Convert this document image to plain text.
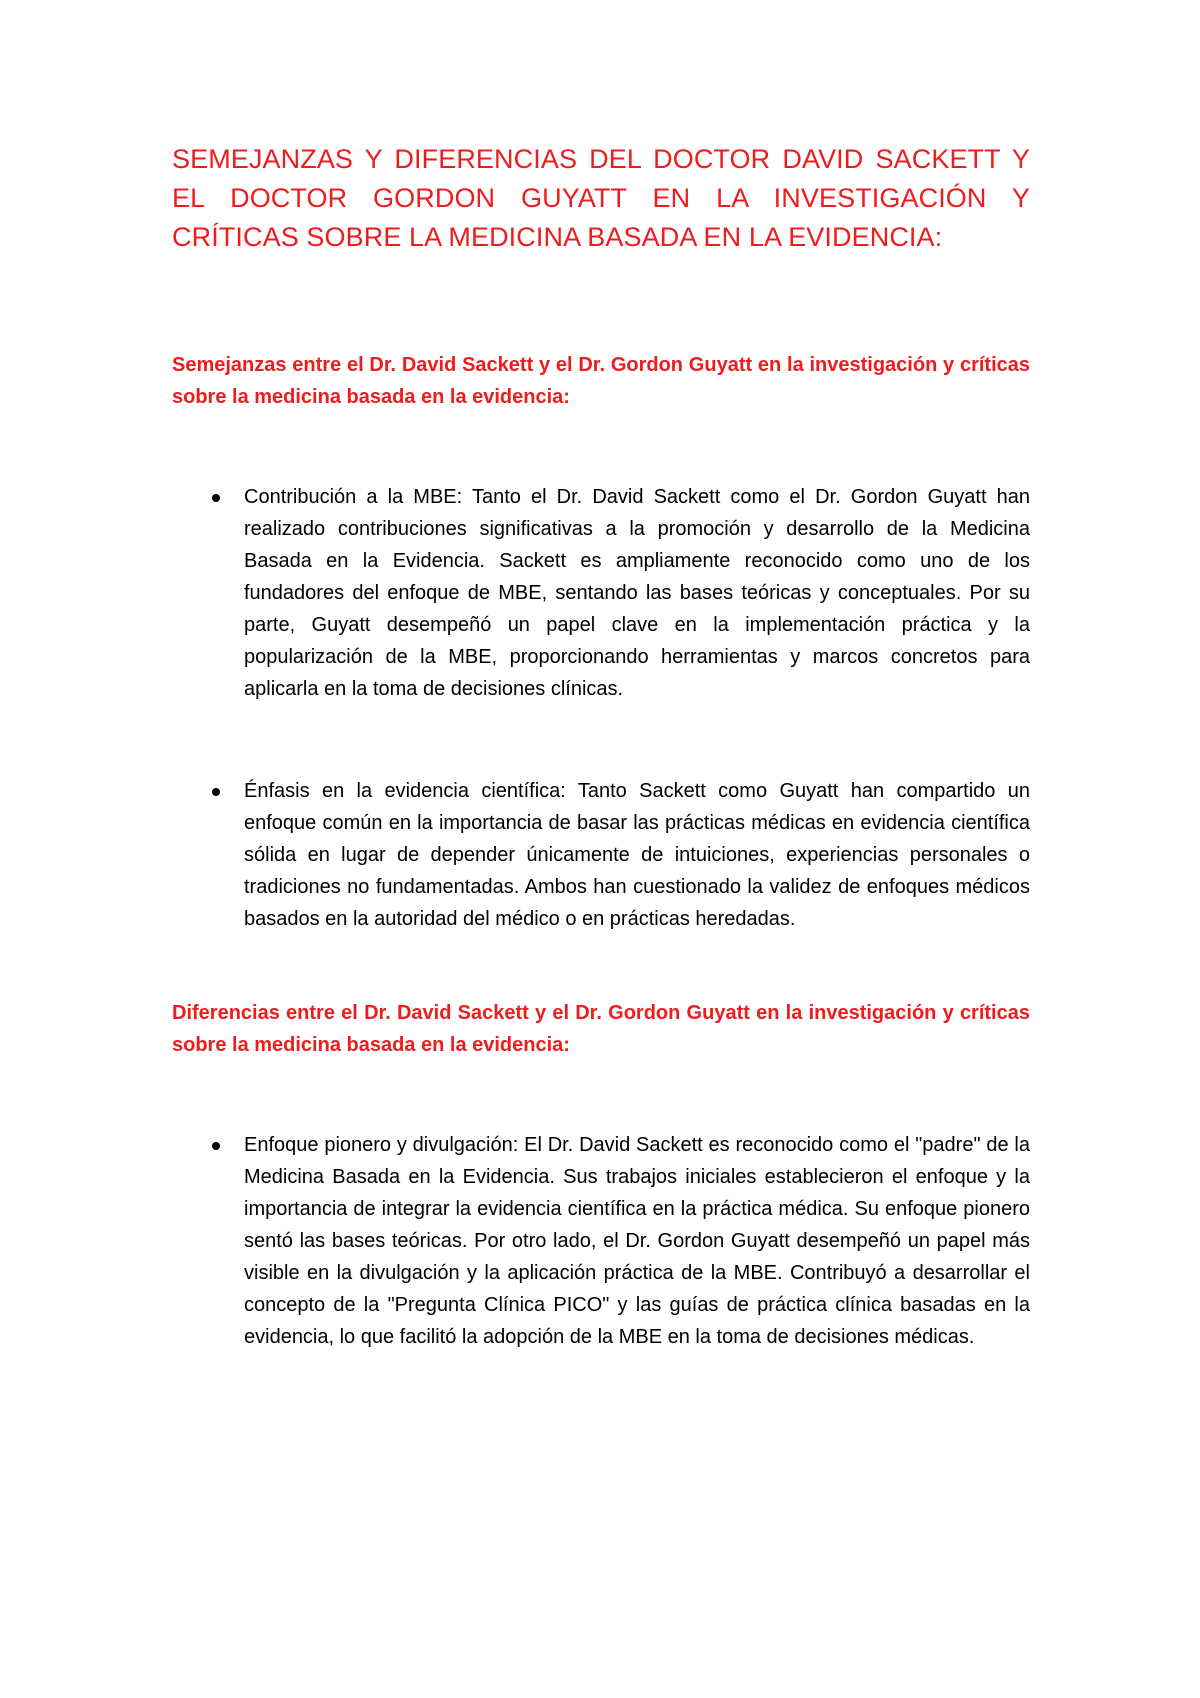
SEMEJANZAS Y DIFERENCIAS DEL DOCTOR DAVID SACKETT Y EL DOCTOR GORDON GUYATT EN LA INVESTIGACIÓN Y CRÍTICAS SOBRE LA MEDICINA BASADA EN LA EVIDENCIA:
Semejanzas entre el Dr. David Sackett y el Dr. Gordon Guyatt en la investigación y críticas sobre la medicina basada en la evidencia:
Contribución a la MBE: Tanto el Dr. David Sackett como el Dr. Gordon Guyatt han realizado contribuciones significativas a la promoción y desarrollo de la Medicina Basada en la Evidencia. Sackett es ampliamente reconocido como uno de los fundadores del enfoque de MBE, sentando las bases teóricas y conceptuales. Por su parte, Guyatt desempeñó un papel clave en la implementación práctica y la popularización de la MBE, proporcionando herramientas y marcos concretos para aplicarla en la toma de decisiones clínicas.
Énfasis en la evidencia científica: Tanto Sackett como Guyatt han compartido un enfoque común en la importancia de basar las prácticas médicas en evidencia científica sólida en lugar de depender únicamente de intuiciones, experiencias personales o tradiciones no fundamentadas. Ambos han cuestionado la validez de enfoques médicos basados en la autoridad del médico o en prácticas heredadas.
Diferencias entre el Dr. David Sackett y el Dr. Gordon Guyatt en la investigación y críticas sobre la medicina basada en la evidencia:
Enfoque pionero y divulgación: El Dr. David Sackett es reconocido como el "padre" de la Medicina Basada en la Evidencia. Sus trabajos iniciales establecieron el enfoque y la importancia de integrar la evidencia científica en la práctica médica. Su enfoque pionero sentó las bases teóricas. Por otro lado, el Dr. Gordon Guyatt desempeñó un papel más visible en la divulgación y la aplicación práctica de la MBE. Contribuyó a desarrollar el concepto de la "Pregunta Clínica PICO" y las guías de práctica clínica basadas en la evidencia, lo que facilitó la adopción de la MBE en la toma de decisiones médicas.
